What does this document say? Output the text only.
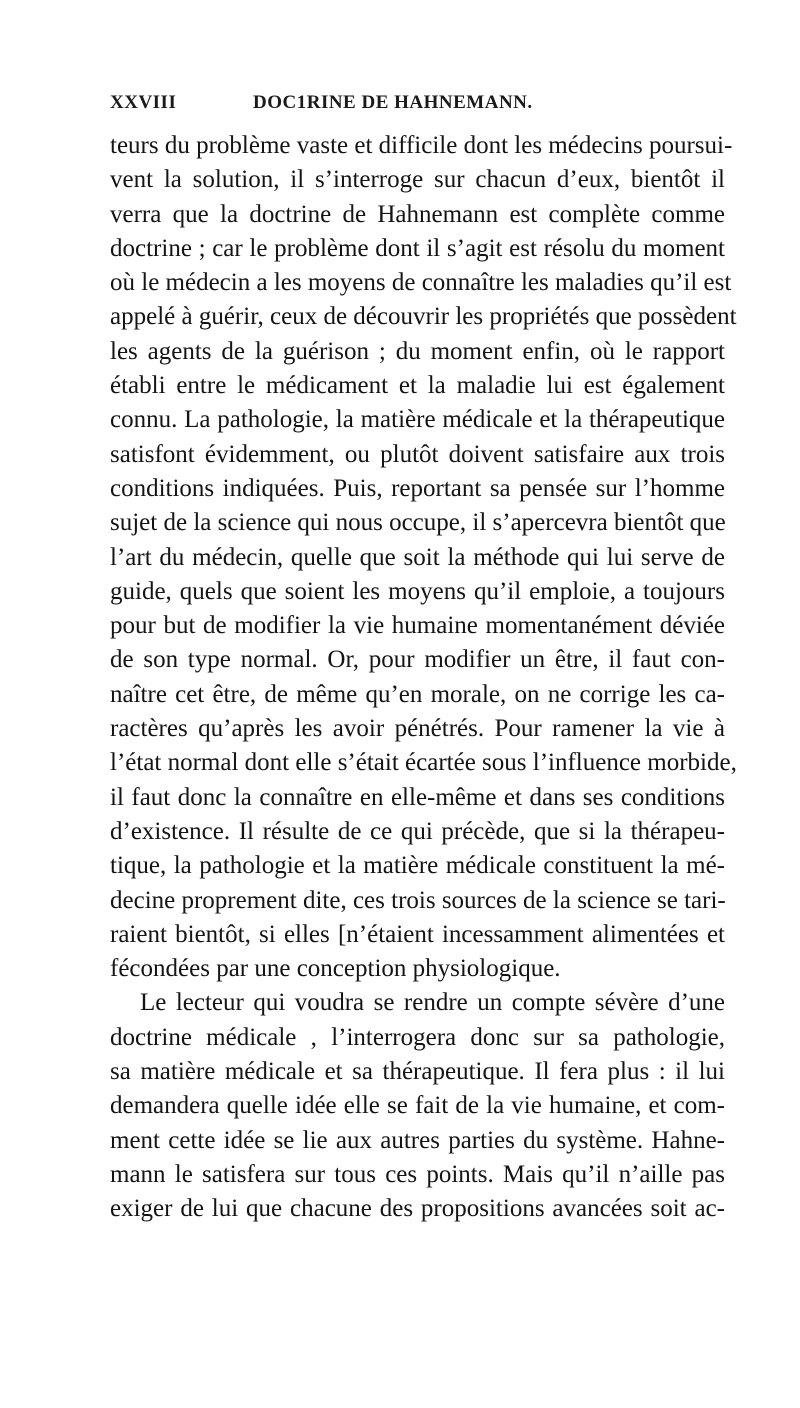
XXVIII	DOC1RINE DE HAHNEMANN.
teurs du problème vaste et difficile dont les médecins poursui-
vent la solution, il s’interroge sur chacun d’eux, bientôt il
verra que la doctrine de Hahnemann est complète comme
doctrine ; car le problème dont il s’agit est résolu du moment
où le médecin a les moyens de connaître les maladies qu’il est
appelé à guérir, ceux de découvrir les propriétés que possèdent
les agents de la guérison ; du moment enfin, où le rapport
établi entre le médicament et la maladie lui est également
connu. La pathologie, la matière médicale et la thérapeutique
satisfont évidemment, ou plutôt doivent satisfaire aux trois
conditions indiquées. Puis, reportant sa pensée sur l’homme
sujet de la science qui nous occupe, il s’apercevra bientôt que
l’art du médecin, quelle que soit la méthode qui lui serve de
guide, quels que soient les moyens qu’il emploie, a toujours
pour but de modifier la vie humaine momentanément déviée
de son type normal. Or, pour modifier un être, il faut con-
naître cet être, de même qu’en morale, on ne corrige les ca-
ractères qu’après les avoir pénétrés. Pour ramener la vie à
l’état normal dont elle s’était écartée sous l’influence morbide,
il faut donc la connaître en elle-même et dans ses conditions
d’existence. Il résulte de ce qui précède, que si la thérapeu-
tique, la pathologie et la matière médicale constituent la mé-
decine proprement dite, ces trois sources de la science se tari-
raient bientôt, si elles [n’étaient incessamment alimentées et
fécondées par une conception physiologique.
Le lecteur qui voudra se rendre un compte sévère d’une
doctrine médicale , l’interrogera donc sur sa pathologie,
sa matière médicale et sa thérapeutique. Il fera plus : il lui
demandera quelle idée elle se fait de la vie humaine, et com-
ment cette idée se lie aux autres parties du système. Hahne-
mann le satisfera sur tous ces points. Mais qu’il n’aille pas
exiger de lui que chacune des propositions avancées soit ac-
